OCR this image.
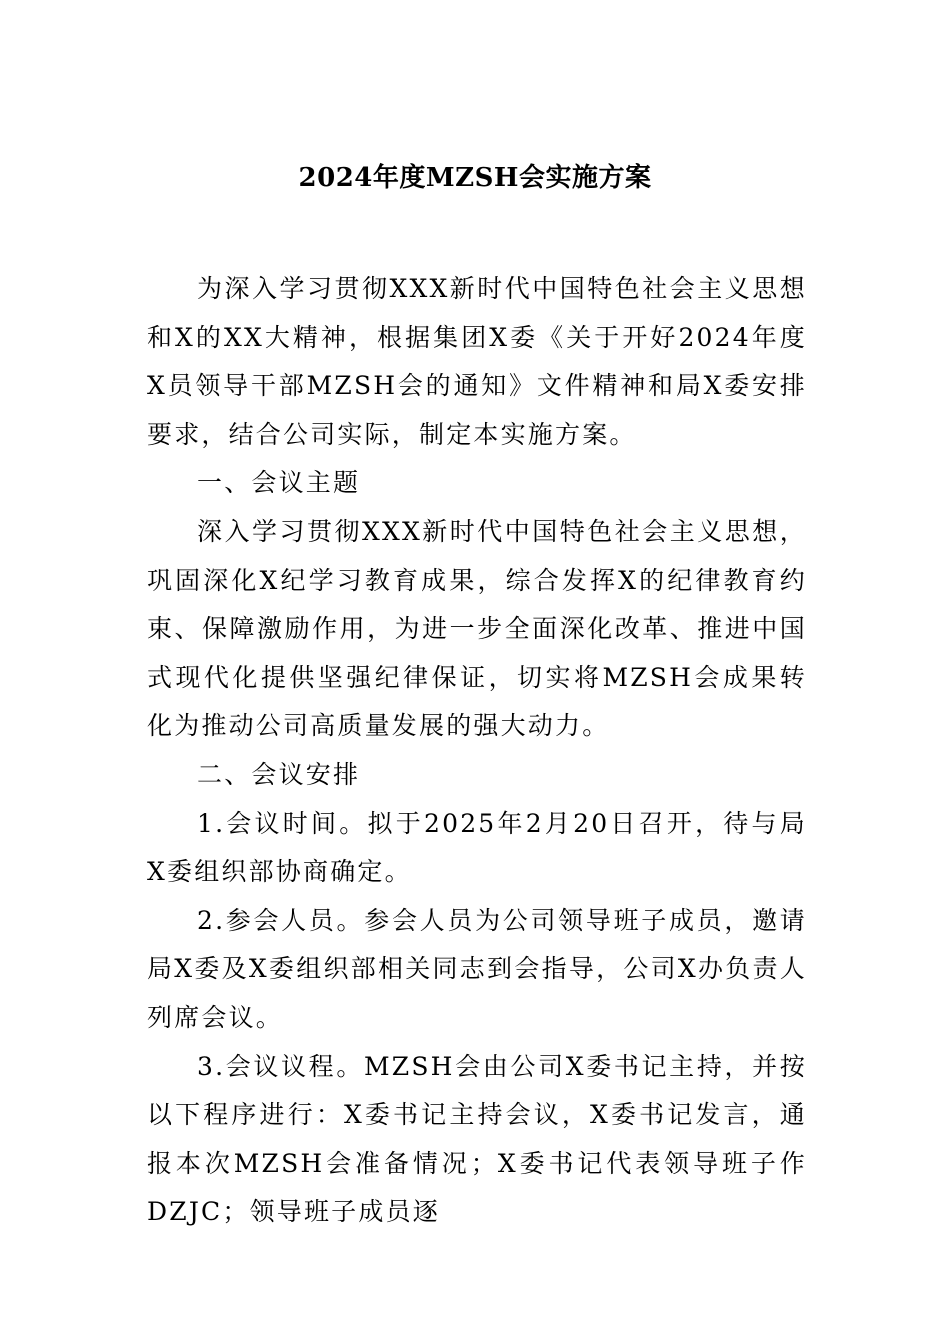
2024年度MZSH会实施方案

为深入学习贯彻XXX新时代中国特色社会主义思想和X的XX大精神，根据集团X委《关于开好2024年度X员领导干部MZSH会的通知》文件精神和局X委安排要求，结合公司实际，制定本实施方案。

一、会议主题

深入学习贯彻XXX新时代中国特色社会主义思想，巩固深化X纪学习教育成果，综合发挥X的纪律教育约束、保障激励作用，为进一步全面深化改革、推进中国式现代化提供坚强纪律保证，切实将MZSH会成果转化为推动公司高质量发展的强大动力。

二、会议安排

1.会议时间。拟于2025年2月20日召开，待与局X委组织部协商确定。

2.参会人员。参会人员为公司领导班子成员，邀请局X委及X委组织部相关同志到会指导，公司X办负责人列席会议。

3.会议议程。MZSH会由公司X委书记主持，并按以下程序进行：X委书记主持会议，X委书记发言，通报本次MZSH会准备情况；X委书记代表领导班子作DZJC；领导班子成员逐
